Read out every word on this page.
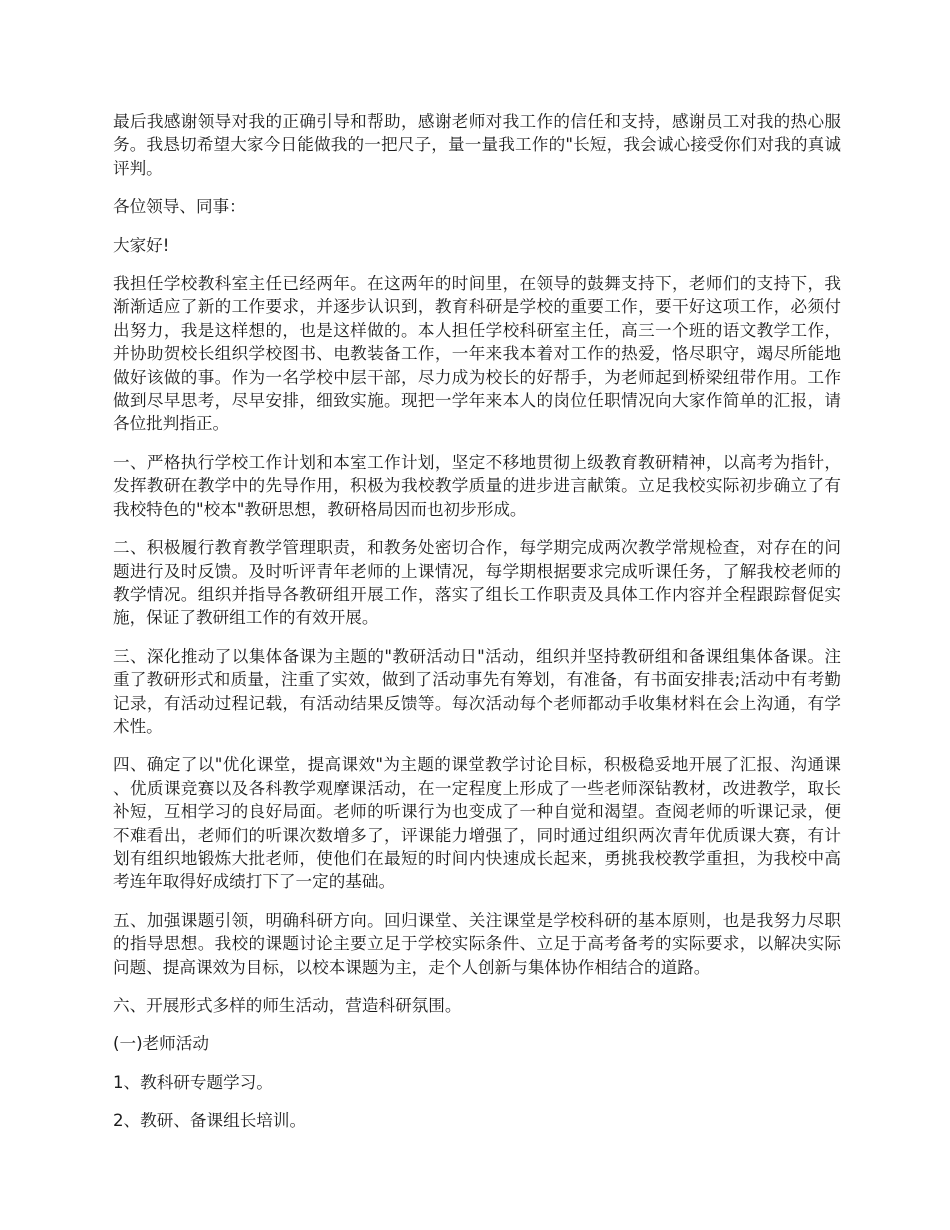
最后我感谢领导对我的正确引导和帮助，感谢老师对我工作的信任和支持，感谢员工对我的热心服务。我恳切希望大家今日能做我的一把尺子，量一量我工作的"长短，我会诚心接受你们对我的真诚评判。

各位领导、同事：

大家好!

我担任学校教科室主任已经两年。在这两年的时间里，在领导的鼓舞支持下，老师们的支持下，我渐渐适应了新的工作要求，并逐步认识到，教育科研是学校的重要工作，要干好这项工作，必须付出努力，我是这样想的，也是这样做的。本人担任学校科研室主任，高三一个班的语文教学工作，并协助贺校长组织学校图书、电教装备工作，一年来我本着对工作的热爱，恪尽职守，竭尽所能地做好该做的事。作为一名学校中层干部，尽力成为校长的好帮手，为老师起到桥梁纽带作用。工作做到尽早思考，尽早安排，细致实施。现把一学年来本人的岗位任职情况向大家作简单的汇报，请各位批判指正。

一、严格执行学校工作计划和本室工作计划，坚定不移地贯彻上级教育教研精神，以高考为指针，发挥教研在教学中的先导作用，积极为我校教学质量的进步进言献策。立足我校实际初步确立了有我校特色的"校本"教研思想，教研格局因而也初步形成。

二、积极履行教育教学管理职责，和教务处密切合作，每学期完成两次教学常规检查，对存在的问题进行及时反馈。及时听评青年老师的上课情况，每学期根据要求完成听课任务，了解我校老师的教学情况。组织并指导各教研组开展工作，落实了组长工作职责及具体工作内容并全程跟踪督促实施，保证了教研组工作的有效开展。

三、深化推动了以集体备课为主题的"教研活动日"活动，组织并坚持教研组和备课组集体备课。注重了教研形式和质量，注重了实效，做到了活动事先有筹划，有准备，有书面安排表;活动中有考勤记录，有活动过程记载，有活动结果反馈等。每次活动每个老师都动手收集材料在会上沟通，有学术性。

四、确定了以"优化课堂，提高课效"为主题的课堂教学讨论目标，积极稳妥地开展了汇报、沟通课、优质课竞赛以及各科教学观摩课活动，在一定程度上形成了一些老师深钻教材，改进教学，取长补短，互相学习的良好局面。老师的听课行为也变成了一种自觉和渴望。查阅老师的听课记录，便不难看出，老师们的听课次数增多了，评课能力增强了，同时通过组织两次青年优质课大赛，有计划有组织地锻炼大批老师，使他们在最短的时间内快速成长起来，勇挑我校教学重担，为我校中高考连年取得好成绩打下了一定的基础。

五、加强课题引领，明确科研方向。回归课堂、关注课堂是学校科研的基本原则，也是我努力尽职的指导思想。我校的课题讨论主要立足于学校实际条件、立足于高考备考的实际要求，以解决实际问题、提高课效为目标，以校本课题为主，走个人创新与集体协作相结合的道路。

六、开展形式多样的师生活动，营造科研氛围。

(一)老师活动

1、教科研专题学习。

2、教研、备课组长培训。
